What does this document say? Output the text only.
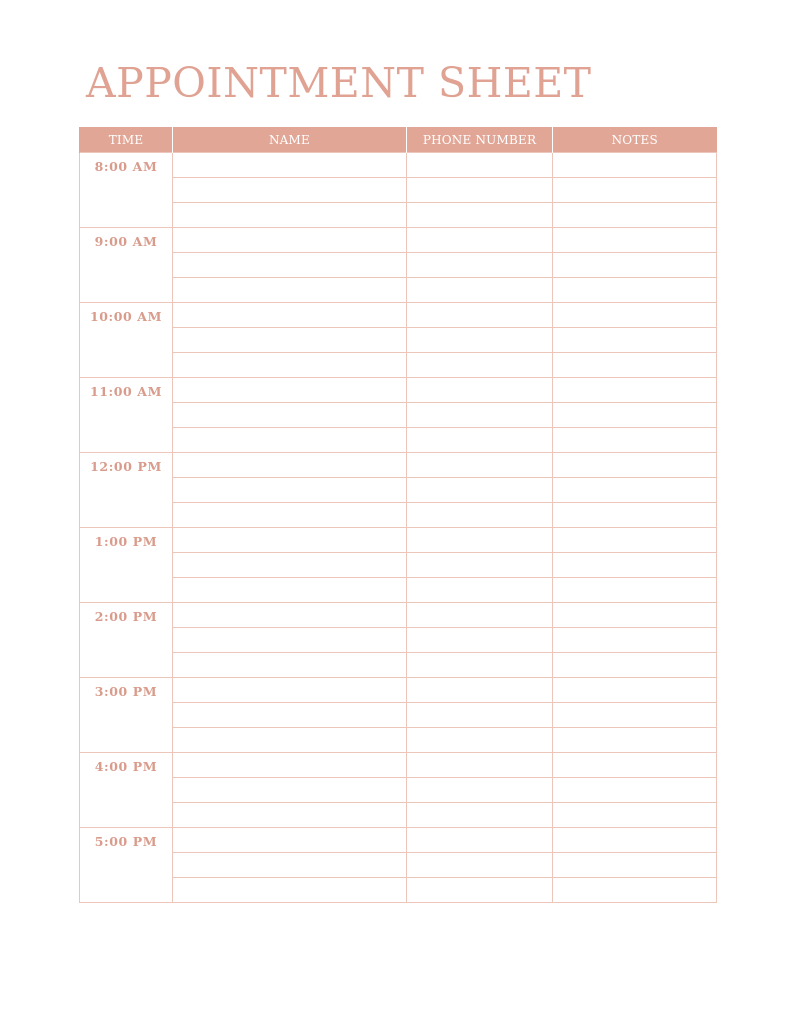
APPOINTMENT SHEET
TIME	NAME	PHONE NUMBER	NOTES
8:00 AM			

9:00 AM			

10:00 AM			

11:00 AM			

12:00 PM			

1:00 PM			

2:00 PM			

3:00 PM			

4:00 PM			

5:00 PM			
